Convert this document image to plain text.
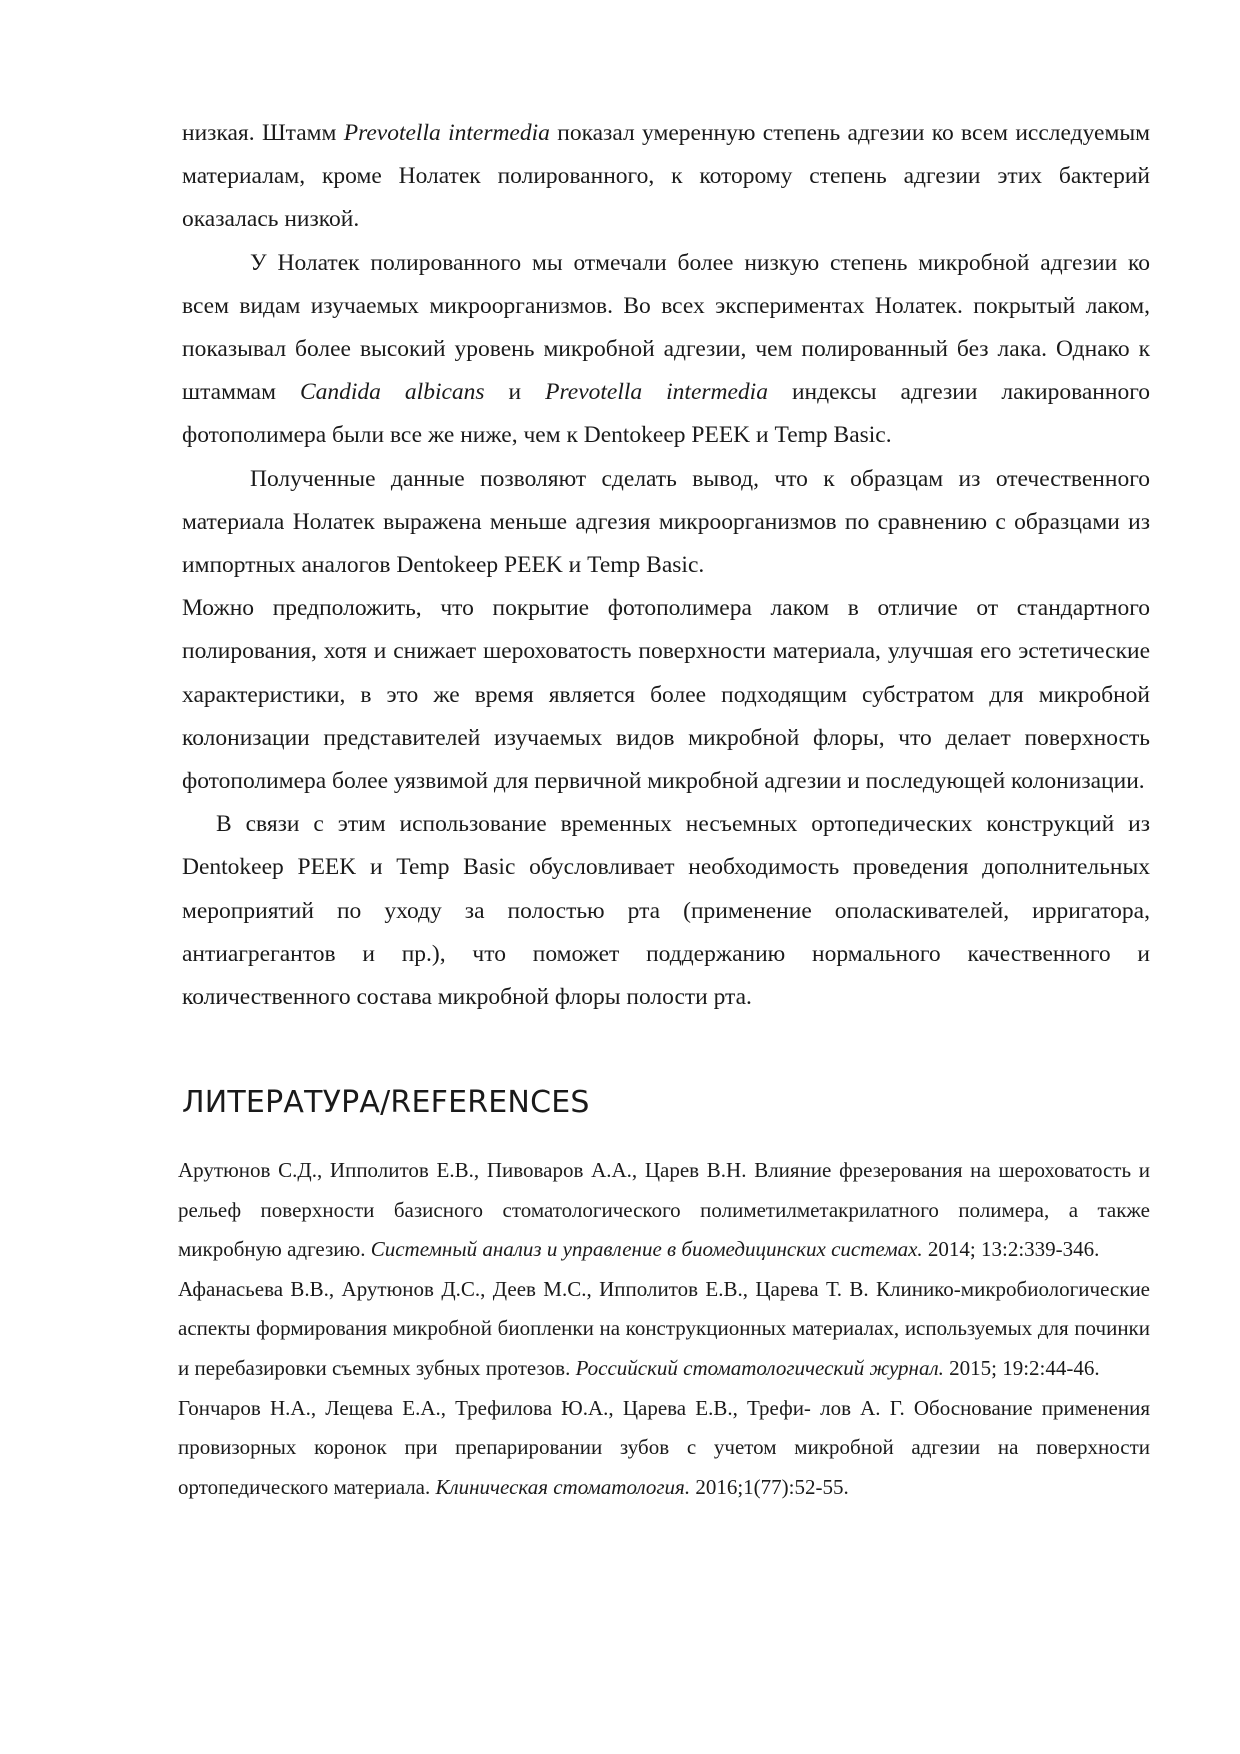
низкая. Штамм Prevotella intermedia показал умеренную степень адгезии ко всем исследуемым материалам, кроме Нолатек полированного, к которому степень адгезии этих бактерий оказалась низкой.

У Нолатек полированного мы отмечали более низкую степень микробной адгезии ко всем видам изучаемых микроорганизмов. Во всех экспериментах Нолатек. покрытый лаком, показывал более высокий уровень микробной адгезии, чем полированный без лака. Однако к штаммам Candida albicans и Prevotella intermedia индексы адгезии лакированного фотополимера были все же ниже, чем к Dentokeep PEEK и Temp Basic.

Полученные данные позволяют сделать вывод, что к образцам из отечественного материала Нолатек выражена меньше адгезия микроорганизмов по сравнению с образцами из импортных аналогов Dentokeep PEEK и Temp Basic.

Можно предположить, что покрытие фотополимера лаком в отличие от стандартного полирования, хотя и снижает шероховатость поверхности материала, улучшая его эстетические характеристики, в это же время является более подходящим субстратом для микробной колонизации представителей изучаемых видов микробной флоры, что делает поверхность фотополимера более уязвимой для первичной микробной адгезии и последующей колонизации.

В связи с этим использование временных несъемных ортопедических конструкций из Dentokeep PEEK и Temp Basic обусловливает необходимость проведения дополнительных мероприятий по уходу за полостью рта (применение ополаскивателей, ирригатора, антиагрегантов и пр.), что поможет поддержанию нормального качественного и количественного состава микробной флоры полости рта.

ЛИТЕРАТУРА/REFERENCES

Арутюнов С.Д., Ипполитов Е.В., Пивоваров А.А., Царев В.Н. Влияние фрезерования на шероховатость и рельеф поверхности базисного стоматологического полиметилметакрилатного полимера, а также микробную адгезию. Системный анализ и управление в биомедицинских системах. 2014; 13:2:339-346.

Афанасьева В.В., Арутюнов Д.С., Деев М.С., Ипполитов Е.В., Царева Т. В. Клинико-микробиологические аспекты формирования микробной биопленки на конструкционных материалах, используемых для починки и перебазировки съемных зубных протезов. Российский стоматологический журнал. 2015; 19:2:44-46.

Гончаров Н.А., Лещева Е.А., Трефилова Ю.А., Царева Е.В., Трефи- лов А. Г. Обоснование применения провизорных коронок при препарировании зубов с учетом микробной адгезии на поверхности ортопедического материала. Клиническая стоматология. 2016;1(77):52-55.
